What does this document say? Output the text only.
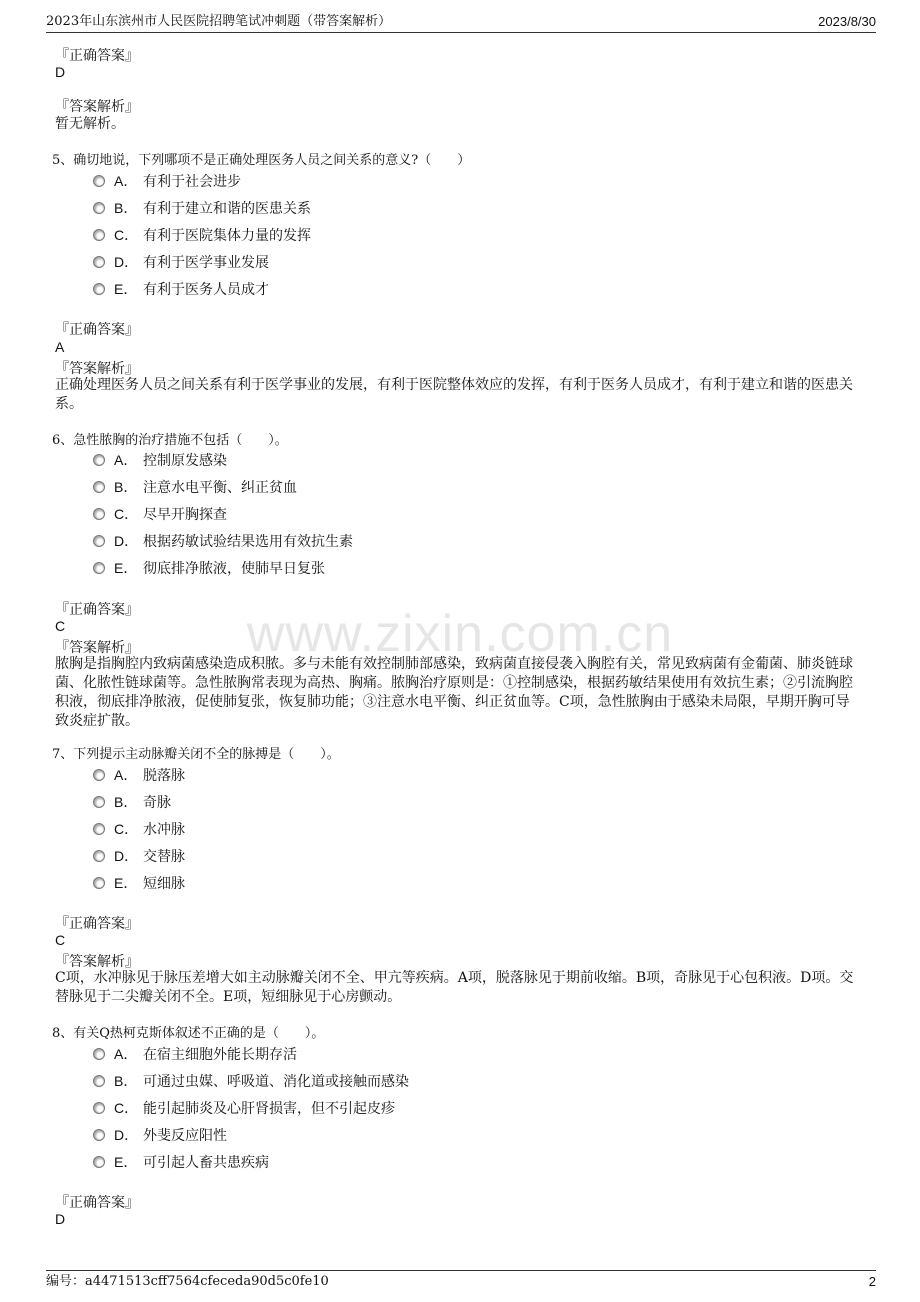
2023年山东滨州市人民医院招聘笔试冲刺题（带答案解析）	2023/8/30
www.zixin.com.cn
『正确答案』
D
『答案解析』
暂无解析。
5、确切地说，下列哪项不是正确处理医务人员之间关系的意义?（　　）
A． 有利于社会进步
B． 有利于建立和谐的医患关系
C． 有利于医院集体力量的发挥
D． 有利于医学事业发展
E． 有利于医务人员成才
『正确答案』
A
『答案解析』
正确处理医务人员之间关系有利于医学事业的发展，有利于医院整体效应的发挥，有利于医务人员成才，有利于建立和谐的医患关系。
6、急性脓胸的治疗措施不包括（　　）。
A． 控制原发感染
B． 注意水电平衡、纠正贫血
C． 尽早开胸探查
D． 根据药敏试验结果选用有效抗生素
E． 彻底排净脓液，使肺早日复张
『正确答案』
C
『答案解析』
脓胸是指胸腔内致病菌感染造成积脓。多与未能有效控制肺部感染，致病菌直接侵袭入胸腔有关，常见致病菌有金葡菌、肺炎链球菌、化脓性链球菌等。急性脓胸常表现为高热、胸痛。脓胸治疗原则是：①控制感染，根据药敏结果使用有效抗生素；②引流胸腔积液，彻底排净脓液，促使肺复张，恢复肺功能；③注意水电平衡、纠正贫血等。C项，急性脓胸由于感染未局限，早期开胸可导致炎症扩散。
7、下列提示主动脉瓣关闭不全的脉搏是（　　）。
A． 脱落脉
B． 奇脉
C． 水冲脉
D． 交替脉
E． 短细脉
『正确答案』
C
『答案解析』
C项，水冲脉见于脉压差增大如主动脉瓣关闭不全、甲亢等疾病。A项，脱落脉见于期前收缩。B项，奇脉见于心包积液。D项。交替脉见于二尖瓣关闭不全。E项，短细脉见于心房颤动。
8、有关Q热柯克斯体叙述不正确的是（　　）。
A． 在宿主细胞外能长期存活
B． 可通过虫媒、呼吸道、消化道或接触而感染
C． 能引起肺炎及心肝肾损害，但不引起皮疹
D． 外斐反应阳性
E． 可引起人畜共患疾病
『正确答案』
D
编号：a4471513cff7564cfeceda90d5c0fe10	2
